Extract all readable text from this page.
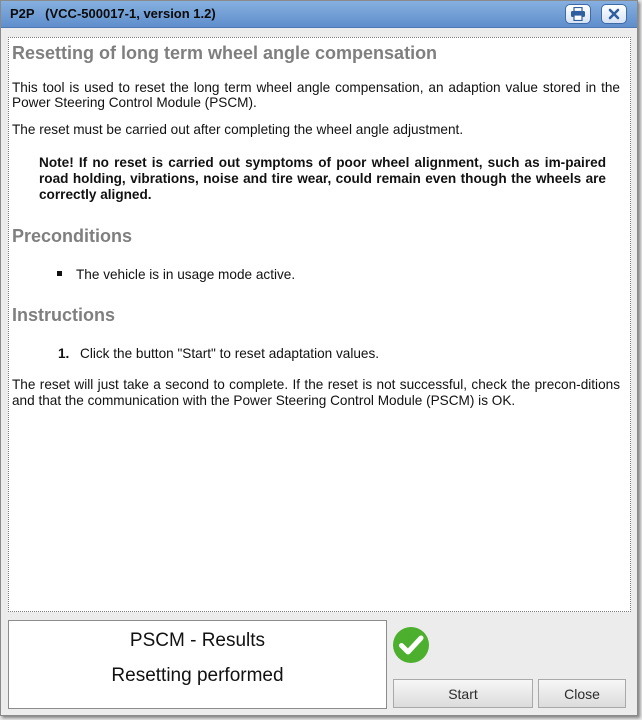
P2P   (VCC-500017-1, version 1.2)
Resetting of long term wheel angle compensation

This tool is used to reset the long term wheel angle compensation, an adaption value stored in the Power Steering Control Module (PSCM).

The reset must be carried out after completing the wheel angle adjustment.

Note! If no reset is carried out symptoms of poor wheel alignment, such as im-paired road holding, vibrations, noise and tire wear, could remain even though the wheels are correctly aligned.
Preconditions
The vehicle is in usage mode active.
Instructions
1. Click the button "Start" to reset adaptation values.

The reset will just take a second to complete. If the reset is not successful, check the precon-ditions and that the communication with the Power Steering Control Module (PSCM) is OK.

PSCM - Results
Resetting performed
Start	Close
